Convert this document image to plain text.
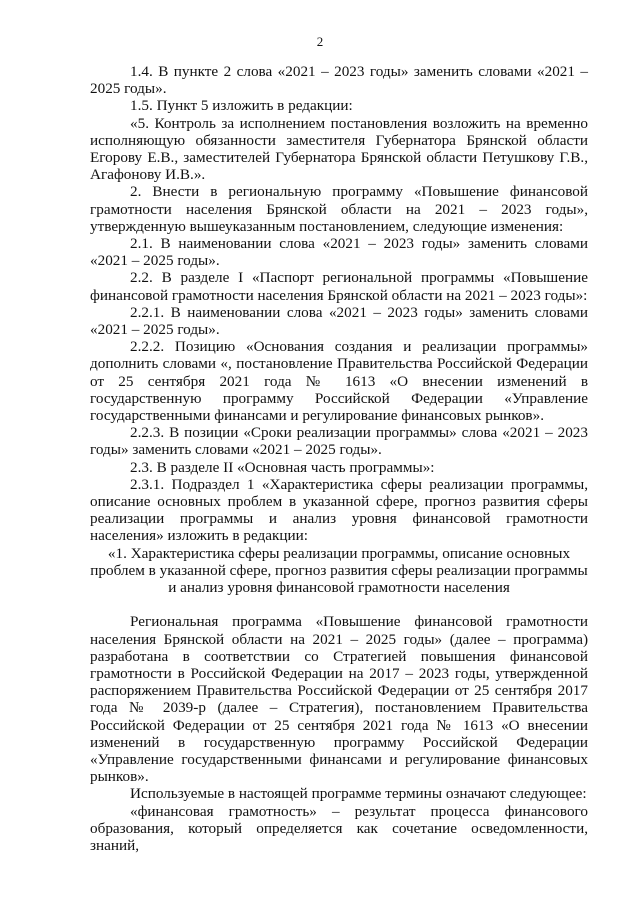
2

1.4. В пункте 2 слова «2021 – 2023 годы» заменить словами «2021 – 2025 годы».

1.5. Пункт 5 изложить в редакции:

«5. Контроль за исполнением постановления возложить на временно исполняющую обязанности заместителя Губернатора Брянской области Егорову Е.В., заместителей Губернатора Брянской области Петушкову Г.В., Агафонову И.В.».

2. Внести в региональную программу «Повышение финансовой грамотности населения Брянской области на 2021 – 2023 годы», утвержденную вышеуказанным постановлением, следующие изменения:

2.1. В наименовании слова «2021 – 2023 годы» заменить словами «2021 – 2025 годы».

2.2. В разделе I «Паспорт региональной программы «Повышение финансовой грамотности населения Брянской области на 2021 – 2023 годы»:

2.2.1. В наименовании слова «2021 – 2023 годы» заменить словами «2021 – 2025 годы».

2.2.2. Позицию «Основания создания и реализации программы» дополнить словами «, постановление Правительства Российской Федерации от 25 сентября 2021 года № 1613 «О внесении изменений в государственную программу Российской Федерации «Управление государственными финансами и регулирование финансовых рынков».

2.2.3. В позиции «Сроки реализации программы» слова «2021 – 2023 годы» заменить словами «2021 – 2025 годы».

2.3. В разделе II «Основная часть программы»:

2.3.1. Подраздел 1 «Характеристика сферы реализации программы, описание основных проблем в указанной сфере, прогноз развития сферы реализации программы и анализ уровня финансовой грамотности населения» изложить в редакции:

«1. Характеристика сферы реализации программы, описание основных проблем в указанной сфере, прогноз развития сферы реализации программы и анализ уровня финансовой грамотности населения

Региональная программа «Повышение финансовой грамотности населения Брянской области на 2021 – 2025 годы» (далее – программа) разработана в соответствии со Стратегией повышения финансовой грамотности в Российской Федерации на 2017 – 2023 годы, утвержденной распоряжением Правительства Российской Федерации от 25 сентября 2017 года № 2039-р (далее – Стратегия), постановлением Правительства Российской Федерации от 25 сентября 2021 года № 1613 «О внесении изменений в государственную программу Российской Федерации «Управление государственными финансами и регулирование финансовых рынков».

Используемые в настоящей программе термины означают следующее:

«финансовая грамотность» – результат процесса финансового образования, который определяется как сочетание осведомленности, знаний,
